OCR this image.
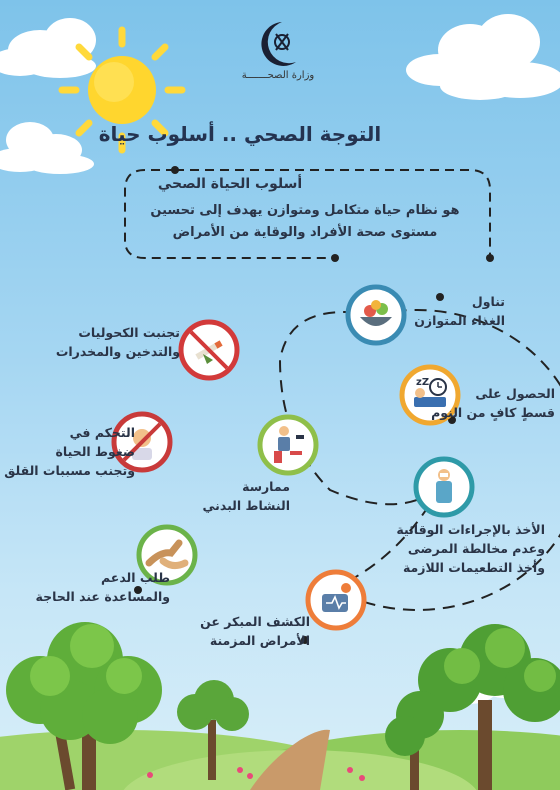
zZ
وزارة الصحـــــــة
التوجة الصحي .. أسلوب حياة
أسلوب الحياة الصحي
هو نظام حياة متكامل ومتوازن يهدف إلى تحسين مستوى صحة الأفراد والوقاية من الأمراض
تناول
الغذاء المتوازن
الحصول على
قسطٍ كافٍ من النوم
الأخذ بالإجراءات الوقائية
وعدم مخالطة المرضى
وأخذ التطعيمات اللازمة
الكشف المبكر عن
الأمراض المزمنة
طلب الدعم
والمساعدة عند الحاجة
التحكم في
ضغوط الحياة
وتجنب مسببات القلق
تجنبت الكحوليات
والتدخين والمخدرات
ممارسة
النشاط البدني
